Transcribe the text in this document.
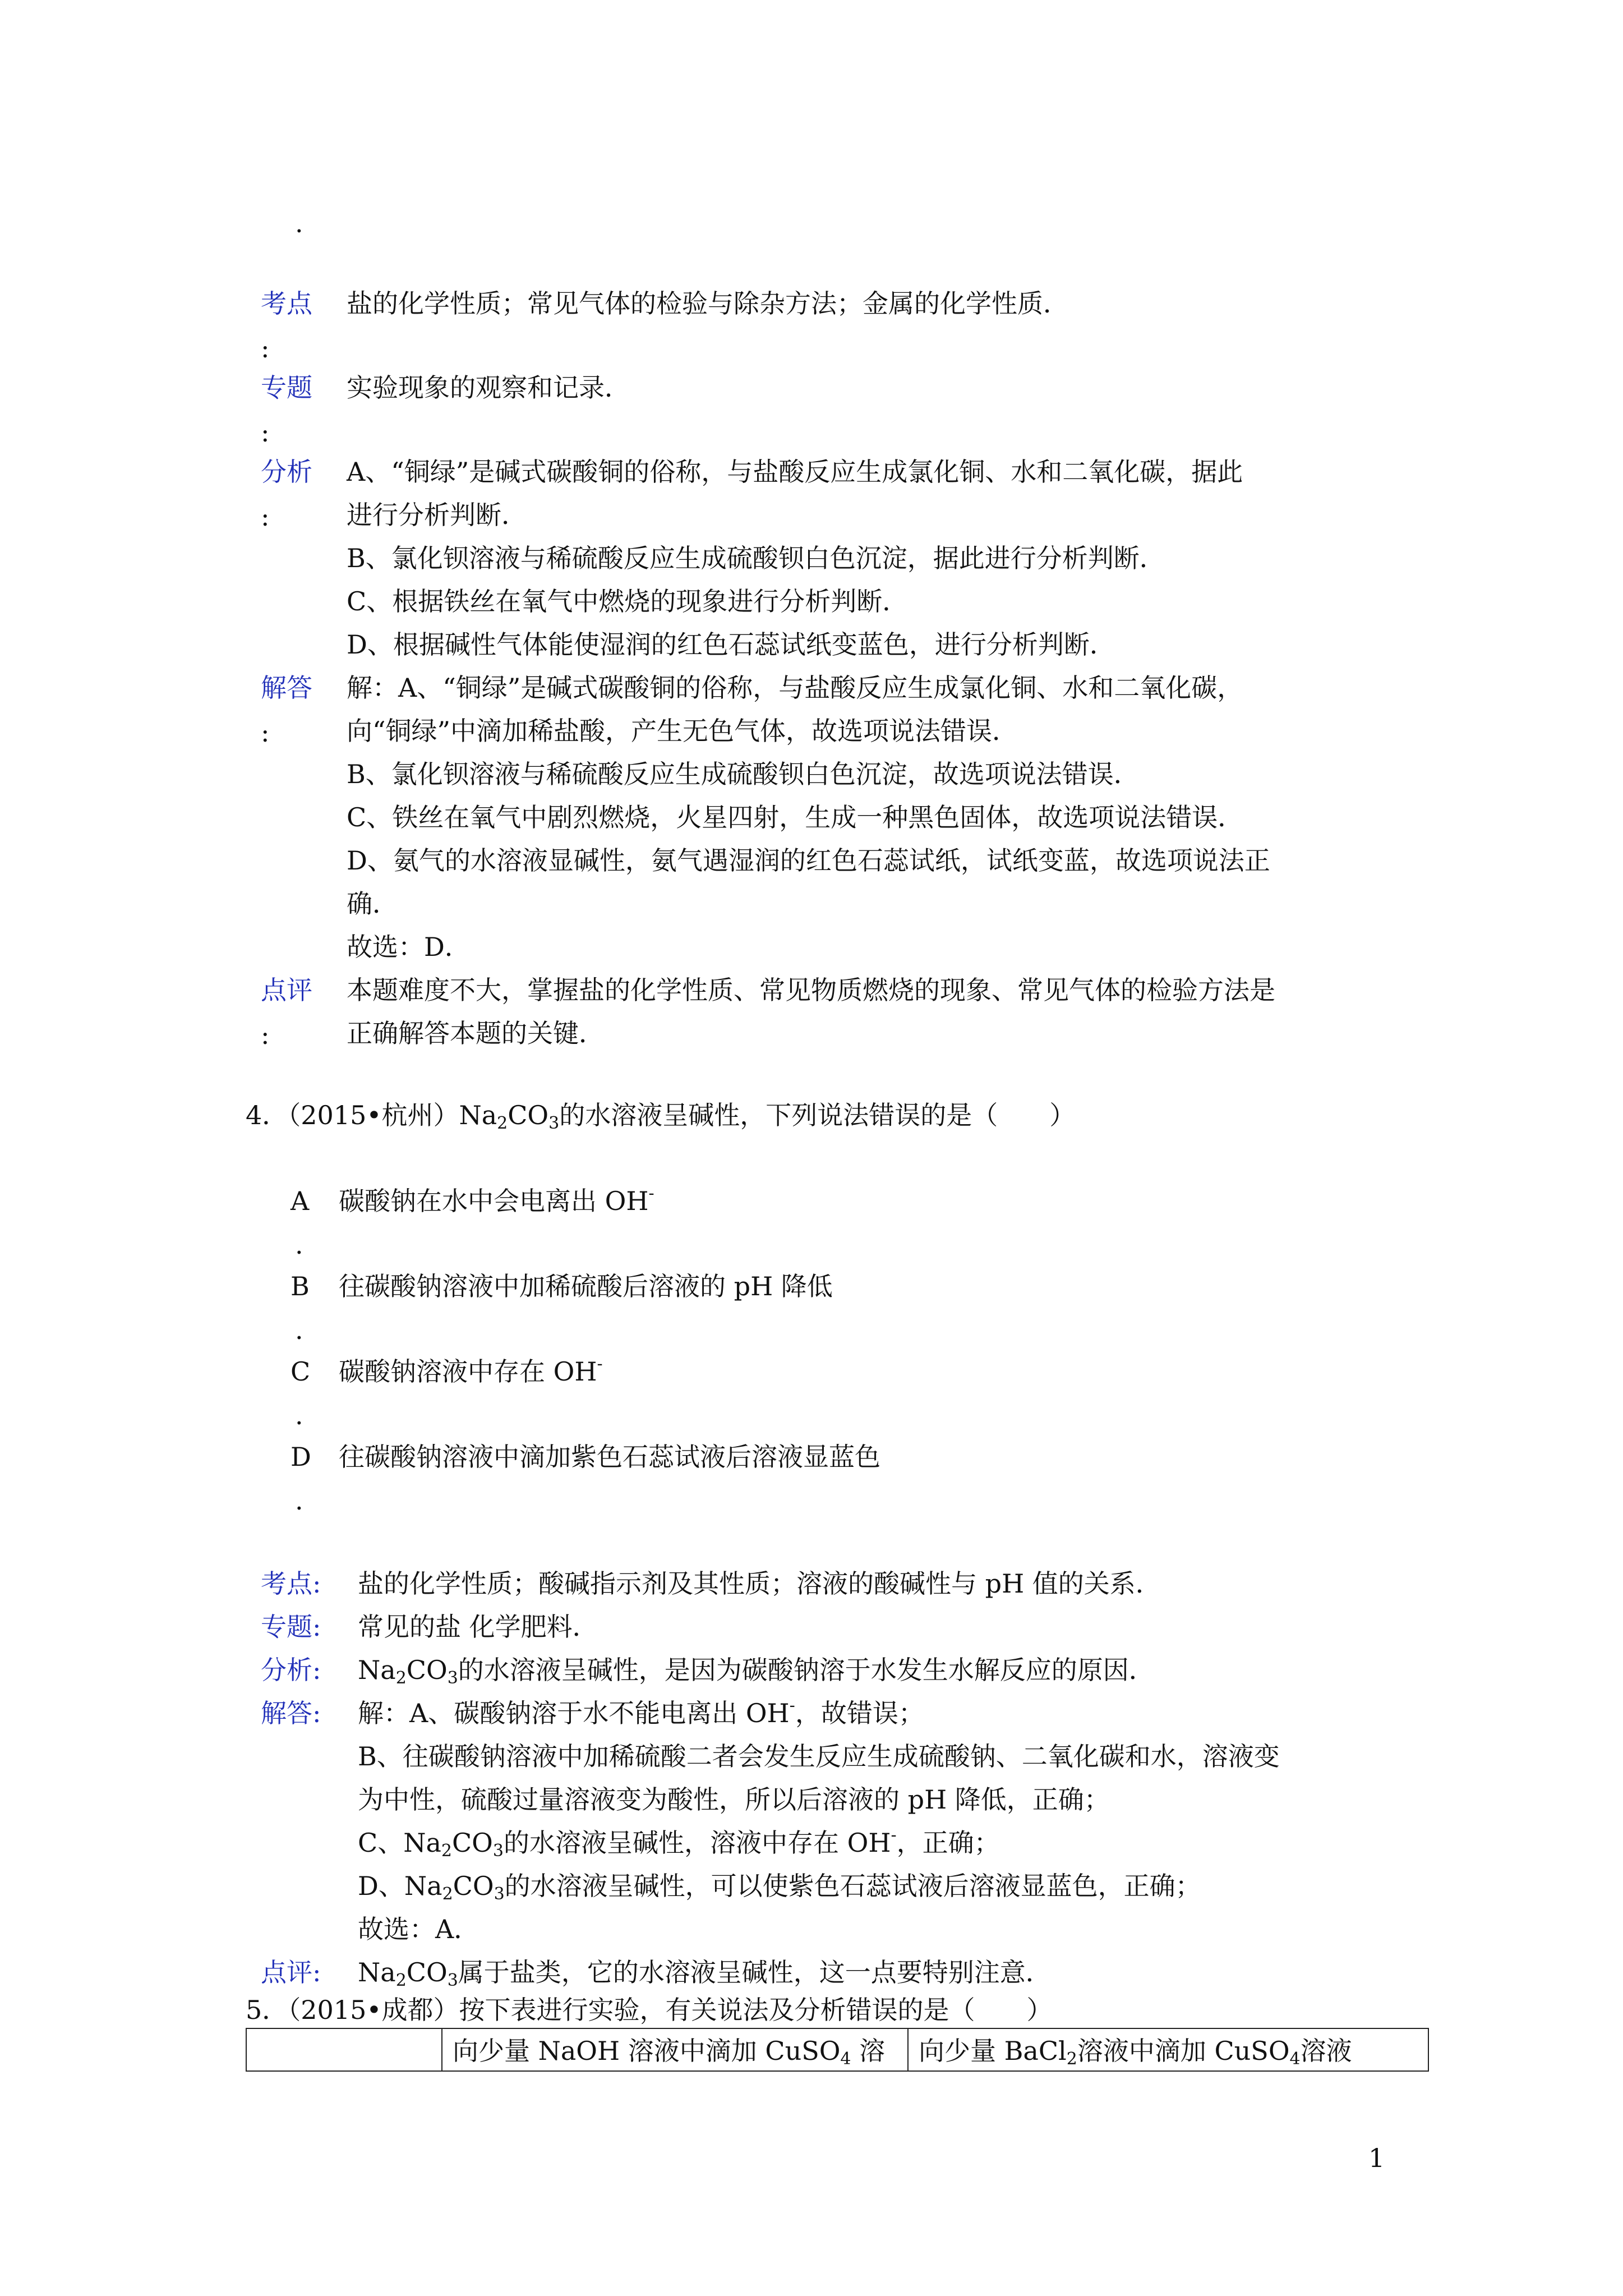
.
考点
:
盐的化学性质；常见气体的检验与除杂方法；金属的化学性质．
专题
:
实验现象的观察和记录．
分析
:
A、“铜绿”是碱式碳酸铜的俗称，与盐酸反应生成氯化铜、水和二氧化碳，据此
进行分析判断．
B、氯化钡溶液与稀硫酸反应生成硫酸钡白色沉淀，据此进行分析判断．
C、根据铁丝在氧气中燃烧的现象进行分析判断．
D、根据碱性气体能使湿润的红色石蕊试纸变蓝色，进行分析判断．
解答
:
解：A、“铜绿”是碱式碳酸铜的俗称，与盐酸反应生成氯化铜、水和二氧化碳，
向“铜绿”中滴加稀盐酸，产生无色气体，故选项说法错误．
B、氯化钡溶液与稀硫酸反应生成硫酸钡白色沉淀，故选项说法错误．
C、铁丝在氧气中剧烈燃烧，火星四射，生成一种黑色固体，故选项说法错误．
D、氨气的水溶液显碱性，氨气遇湿润的红色石蕊试纸，试纸变蓝，故选项说法正
确．
故选：D．
点评
:
本题难度不大，掌握盐的化学性质、常见物质燃烧的现象、常见气体的检验方法是
正确解答本题的关键．
4．（2015•杭州）$Na_2CO_3$的水溶液呈碱性，下列说法错误的是（　　）
A 碳酸钠在水中会电离出 OH-
.
B 往碳酸钠溶液中加稀硫酸后溶液的 pH 降低
.
C 碳酸钠溶液中存在 OH-
.
D 往碳酸钠溶液中滴加紫色石蕊试液后溶液显蓝色
.
考点: 盐的化学性质；酸碱指示剂及其性质；溶液的酸碱性与 pH 值的关系．
专题: 常见的盐 化学肥料．
分析: $Na_2CO_3$的水溶液呈碱性，是因为碳酸钠溶于水发生水解反应的原因．
解答: 解：A、碳酸钠溶于水不能电离出 OH-，故错误；
B、往碳酸钠溶液中加稀硫酸二者会发生反应生成硫酸钠、二氧化碳和水，溶液变
为中性，硫酸过量溶液变为酸性，所以后溶液的 pH 降低，正确；
C、$Na_2CO_3$的水溶液呈碱性，溶液中存在 OH-，正确；
D、$Na_2CO_3$的水溶液呈碱性，可以使紫色石蕊试液后溶液显蓝色，正确；
故选：A．
点评: $Na_2CO_3$属于盐类，它的水溶液呈碱性，这一点要特别注意．
5．（2015•成都）按下表进行实验，有关说法及分析错误的是（　　）
向少量 NaOH 溶液中滴加 CuSO$_4$ 溶 向少量 BaCl$_2$溶液中滴加 CuSO$_4$溶液
1
